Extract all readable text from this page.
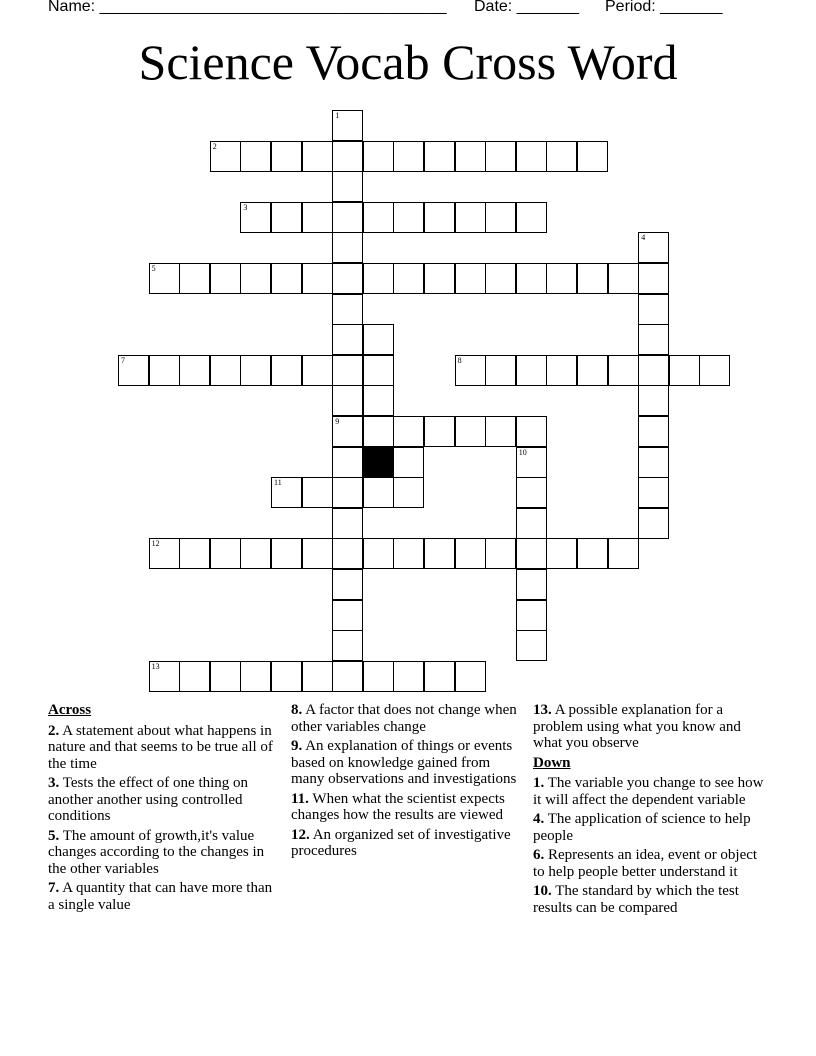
Name: _______________________________________

Date: _______

Period: _______

Science Vocab Cross Word
1
2
3
4
5
7	8
9
10
11
12
13
Across
2. A statement about what happens in nature and that seems to be true all of the time
3. Tests the effect of one thing on another another using controlled conditions
5. The amount of growth,it's value changes according to the changes in the other variables
7. A quantity that can have more than a single value
8. A factor that does not change when other variables change
9. An explanation of things or events based on knowledge gained from many observations and investigations
11. When what the scientist expects changes how the results are viewed
12. An organized set of investigative procedures
13. A possible explanation for a problem using what you know and what you observe
Down
1. The variable you change to see how it will affect the dependent variable
4. The application of science to help people
6. Represents an idea, event or object to help people better understand it
10. The standard by which the test results can be compared
